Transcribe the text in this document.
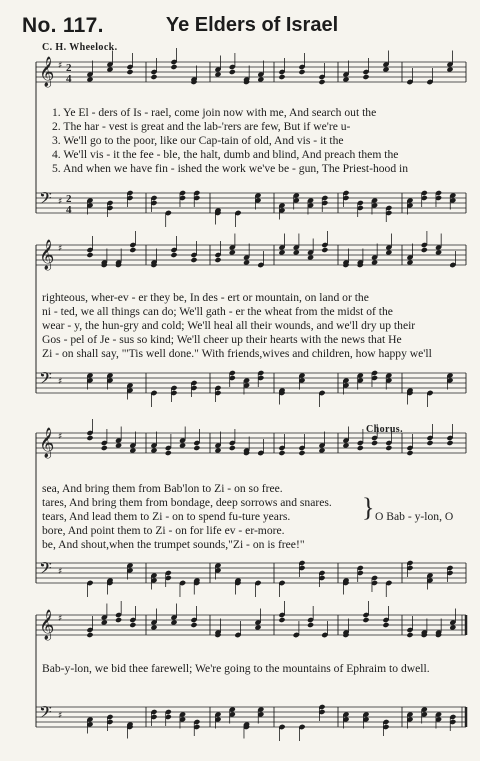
No. 117.	Ye Elders of Israel
C. H. Wheelock.
Chorus.
𝄞 ♯ 2
4
𝄢 ♯ 2
4
𝄞 ♯
𝄢 ♯
𝄞 ♯
𝄢 ♯
𝄞 ♯
𝄢 ♯
1. Ye El - ders of Is - rael, come join now with me, And search out the
2. The har - vest is great and the lab-'rers are few, But if we're u-
3. We'll go to the poor, like our Cap-tain of old, And vis - it the
4. We'll vis - it the fee - ble, the halt, dumb and blind, And preach them the
5. And when we have fin - ished the work we've be - gun, The Priest-hood in
righteous, wher-ev - er they be, In des - ert or mountain, on land or the
ni - ted, we all things can do; We'll gath - er the wheat from the midst of the
wear - y, the hun-gry and cold; We'll heal all their wounds, and we'll dry up their
Gos - pel of Je - sus so kind; We'll cheer up their hearts with the news that He
Zi - on shall say, "'Tis well done." With friends,wives and children, how happy we'll
sea, And bring them from Bab'lon to Zi - on so free.
tares, And bring them from bondage, deep sorrows and snares.
tears, And lead them to Zi - on to spend fu-ture years.
bore, And point them to Zi - on for life ev - er-more.
be, And shout,when the trumpet sounds,"Zi - on is free!"
} O Bab - y-lon, O
Bab-y-lon, we bid thee farewell; We're going to the mountains of Ephraim to dwell.
